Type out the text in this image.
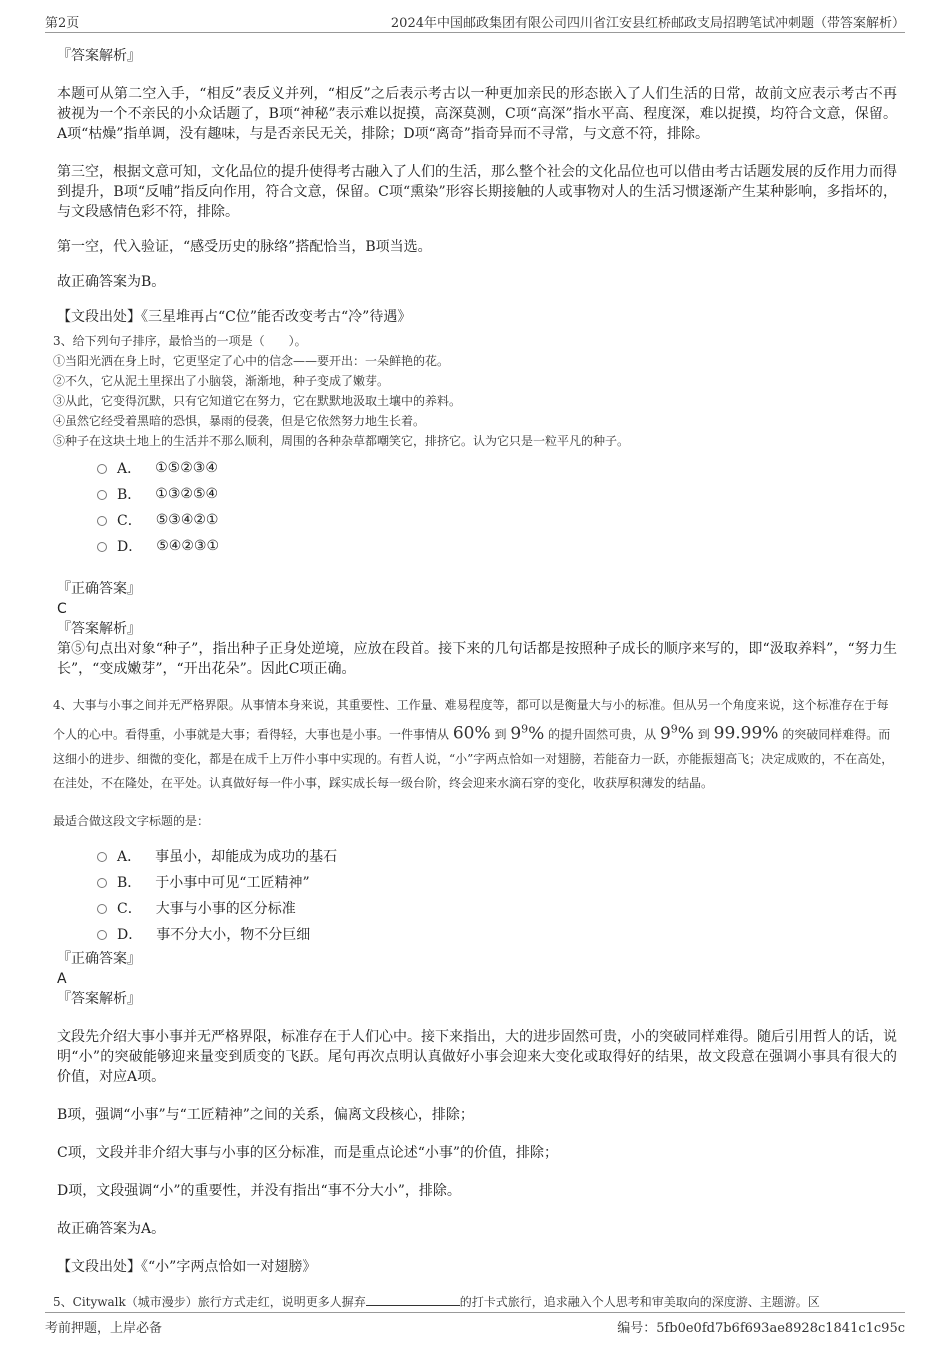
第2页	2024年中国邮政集团有限公司四川省江安县红桥邮政支局招聘笔试冲刺题（带答案解析）
『答案解析』

本题可从第二空入手，“相反”表反义并列，“相反”之后表示考古以一种更加亲民的形态嵌入了人们生活的日常，故前文应表示考古不再被视为一个不亲民的小众话题了，B项“神秘”表示难以捉摸，高深莫测，C项“高深”指水平高、程度深，难以捉摸，均符合文意，保留。A项“枯燥”指单调，没有趣味，与是否亲民无关，排除；D项“离奇”指奇异而不寻常，与文意不符，排除。

第三空，根据文意可知，文化品位的提升使得考古融入了人们的生活，那么整个社会的文化品位也可以借由考古话题发展的反作用力而得到提升，B项“反哺”指反向作用，符合文意，保留。C项“熏染”形容长期接触的人或事物对人的生活习惯逐渐产生某种影响，多指坏的，与文段感情色彩不符，排除。

第一空，代入验证，“感受历史的脉络”搭配恰当，B项当选。

故正确答案为B。

【文段出处】《三星堆再占“C位”能否改变考古“冷”待遇》

3、给下列句子排序，最恰当的一项是（　　）。
①当阳光洒在身上时，它更坚定了心中的信念——要开出：一朵鲜艳的花。
②不久，它从泥土里探出了小脑袋，渐渐地，种子变成了嫩芽。
③从此，它变得沉默，只有它知道它在努力，它在默默地汲取土壤中的养料。
④虽然它经受着黑暗的恐惧，暴雨的侵袭，但是它依然努力地生长着。
⑤种子在这块土地上的生活并不那么顺利，周围的各种杂草都嘲笑它，排挤它。认为它只是一粒平凡的种子。
A． ①⑤②③④
B． ①③②⑤④
C． ⑤③④②①
D． ⑤④②③①
『正确答案』
C
『答案解析』

第⑤句点出对象“种子”，指出种子正身处逆境，应放在段首。接下来的几句话都是按照种子成长的顺序来写的，即“汲取养料”，“努力生长”，“变成嫩芽”，“开出花朵”。因此C项正确。

4、大事与小事之间并无严格界限。从事情本身来说，其重要性、工作量、难易程度等，都可以是衡量大与小的标准。但从另一个角度来说，这个标准存在于每个人的心中。看得重，小事就是大事；看得轻，大事也是小事。一件事情从 60% 到 $9^9\%$ 的提升固然可贵，从 $9^9\%$ 到 99.99% 的突破同样难得。而这细小的进步、细微的变化，都是在成千上万件小事中实现的。有哲人说，“小”字两点恰如一对翅膀，若能奋力一跃，亦能振翅高飞；决定成败的，不在高处，在洼处，不在隆处，在平处。认真做好每一件小事，踩实成长每一级台阶，终会迎来水滴石穿的变化，收获厚积薄发的结晶。
最适合做这段文字标题的是：
A． 事虽小，却能成为成功的基石
B． 于小事中可见“工匠精神”
C． 大事与小事的区分标准
D． 事不分大小，物不分巨细
『正确答案』
A
『答案解析』

文段先介绍大事小事并无严格界限，标准存在于人们心中。接下来指出，大的进步固然可贵，小的突破同样难得。随后引用哲人的话，说明“小”的突破能够迎来量变到质变的飞跃。尾句再次点明认真做好小事会迎来大变化或取得好的结果，故文段意在强调小事具有很大的价值，对应A项。

B项，强调“小事”与“工匠精神”之间的关系，偏离文段核心，排除；

C项，文段并非介绍大事与小事的区分标准，而是重点论述“小事”的价值，排除；

D项，文段强调“小”的重要性，并没有指出“事不分大小”，排除。

故正确答案为A。

【文段出处】《“小”字两点恰如一对翅膀》

5、Citywalk（城市漫步）旅行方式走红，说明更多人摒弃	的打卡式旅行，追求融入个人思考和审美取向的深度游、主题游。区
考前押题，上岸必备	编号：5fb0e0fd7b6f693ae8928c1841c1c95c
